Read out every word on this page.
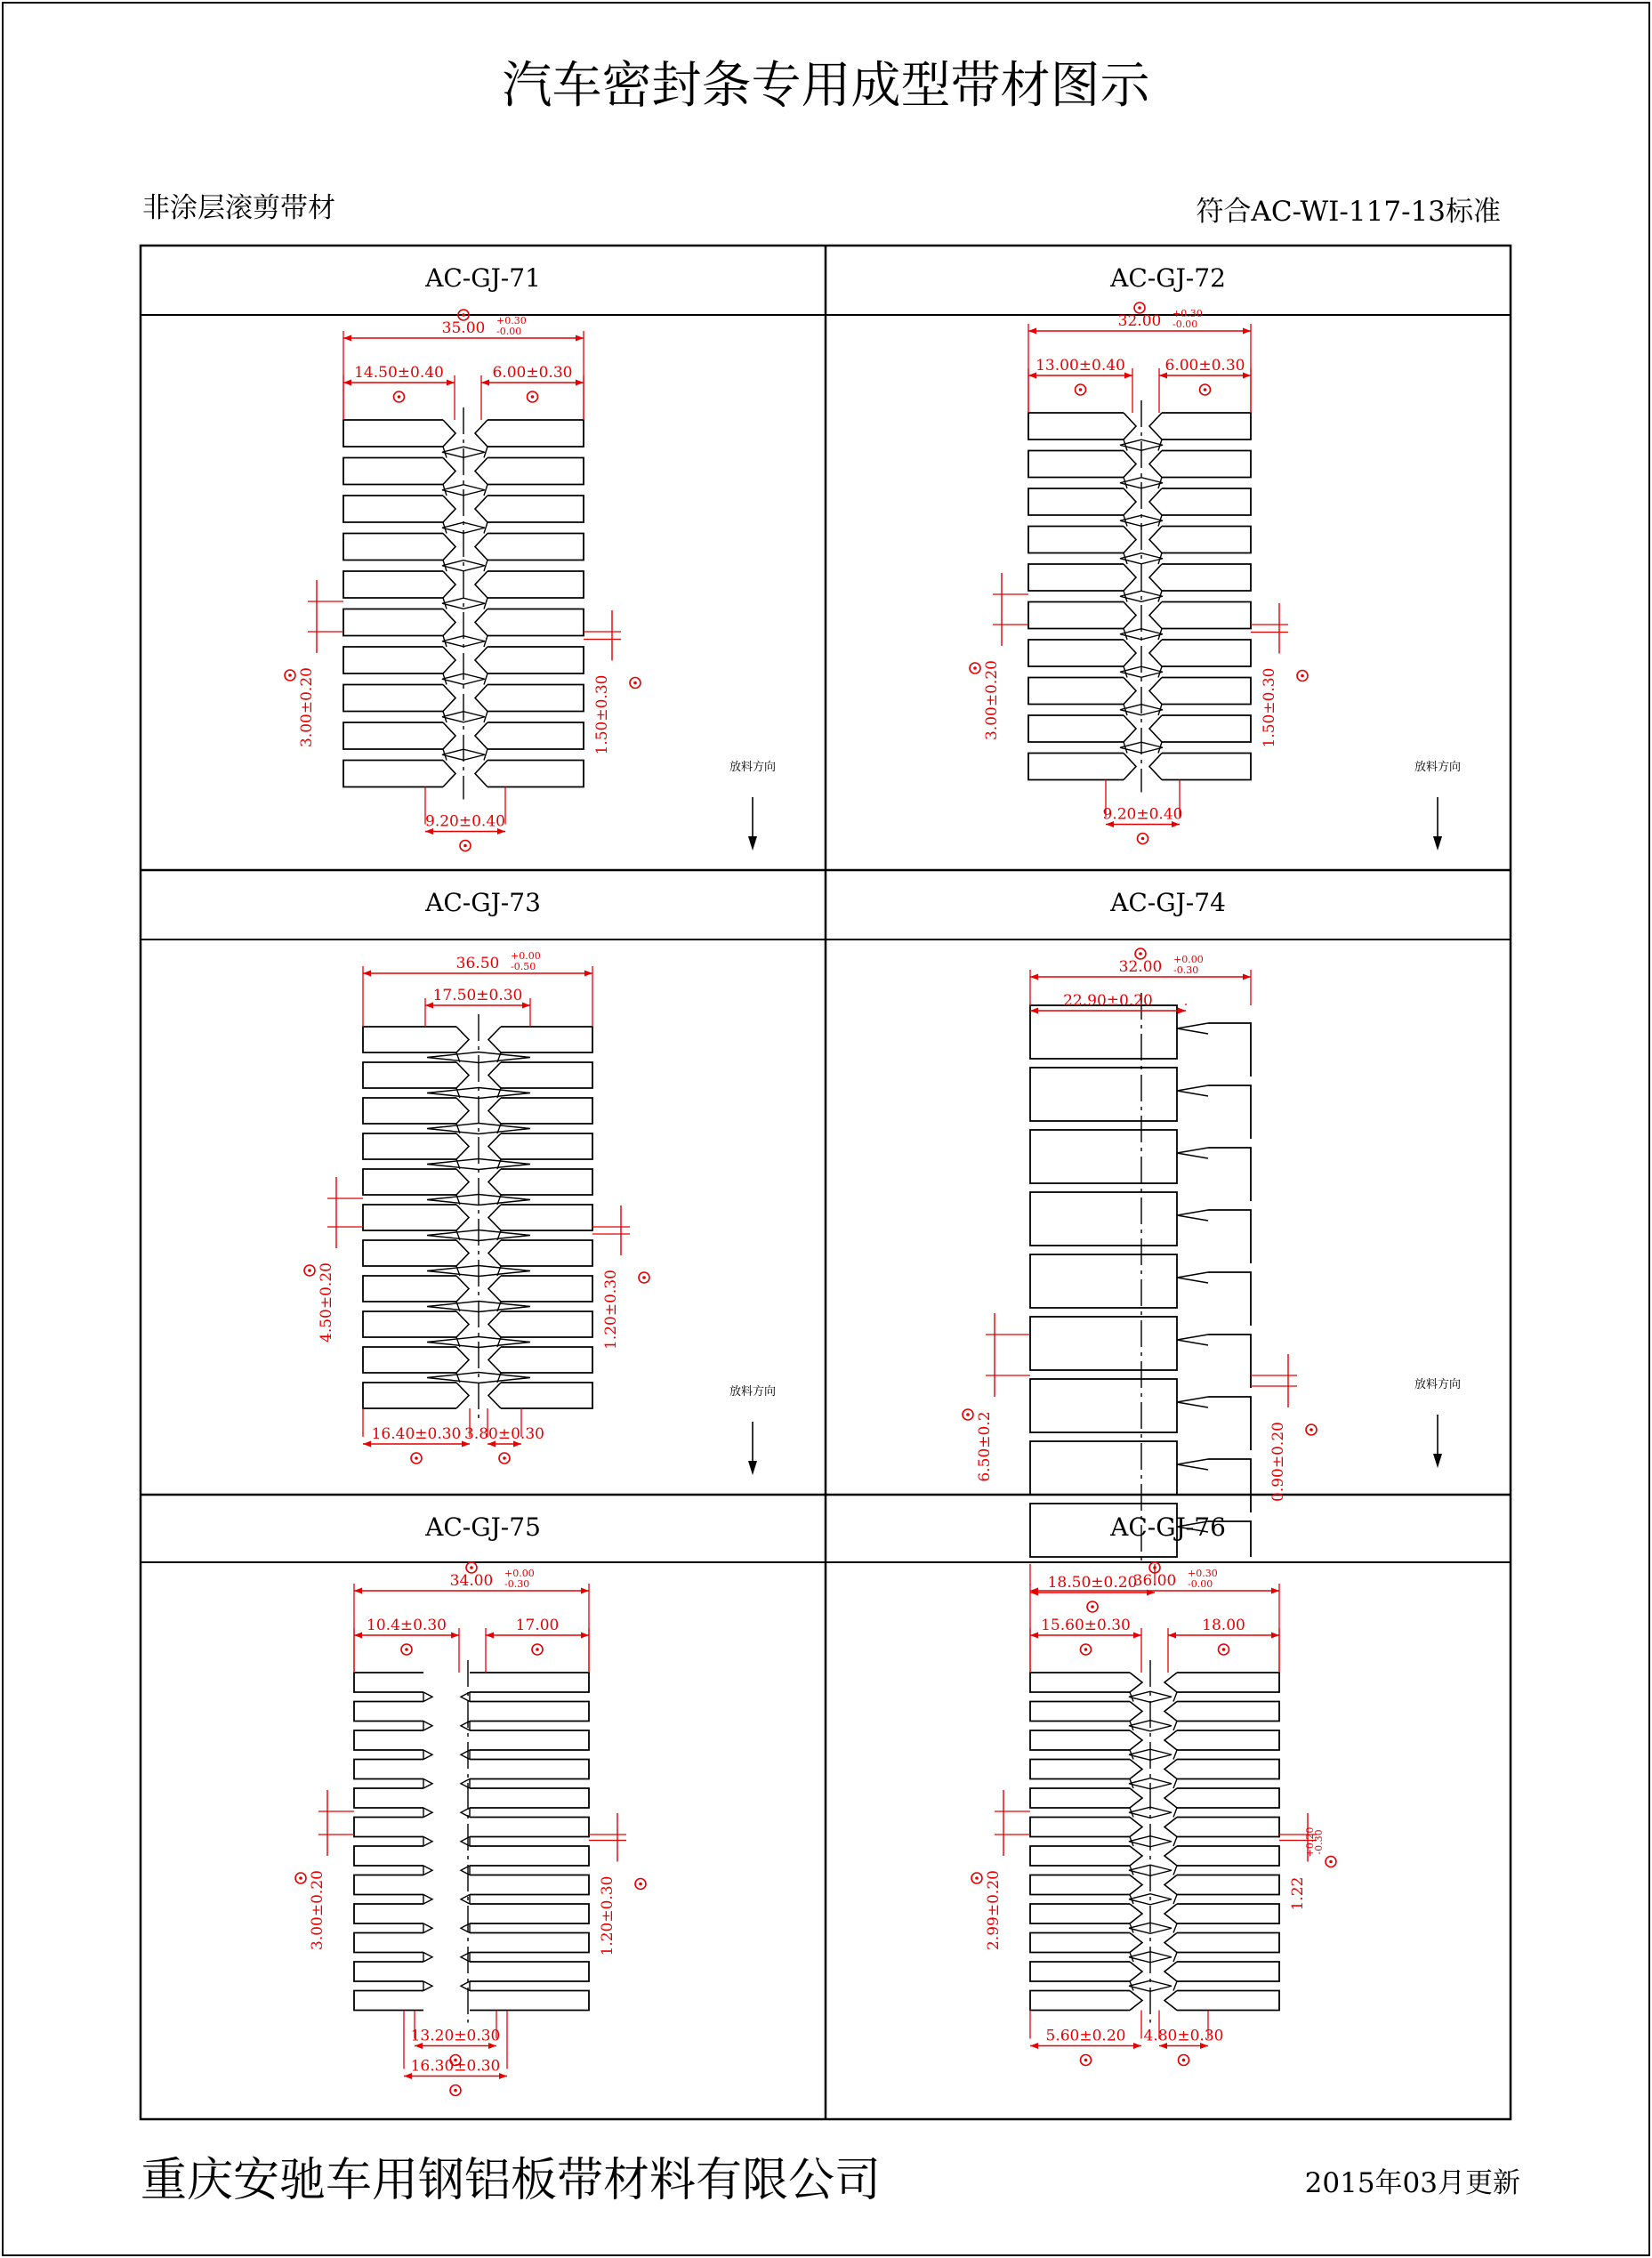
汽车密封条专用成型带材图示
非涂层滚剪带材	符合AC-WI-117-13标准
AC-GJ-71
35.00 +0.30
-0.00
14.50±0.40	6.00±0.30
9.20±0.40
3.00±0.20	1.50±0.30
放料方向
AC-GJ-72
32.00 +0.30
-0.00
13.00±0.40	6.00±0.30
9.20±0.40
3.00±0.20	1.50±0.30
放料方向
AC-GJ-73
36.50 +0.00
-0.50
17.50±0.30
16.40±0.30 3.80±0.30
4.50±0.20	1.20±0.30
放料方向
AC-GJ-74
32.00 +0.00
-0.30
22.90±0.20
18.50±0.20
6.50±0.2	0.90±0.20
放料方向
AC-GJ-75
34.00 +0.00
-0.30
10.4±0.30	17.00
13.20±0.30
16.30±0.30
3.00±0.20	1.20±0.30
AC-GJ-76
36.00 +0.30
-0.00
15.60±0.30	18.00
5.60±0.20 4.80±0.30
2.99±0.20	1.22
+0.20
-0.30
重庆安驰车用钢铝板带材料有限公司	2015年03月更新
